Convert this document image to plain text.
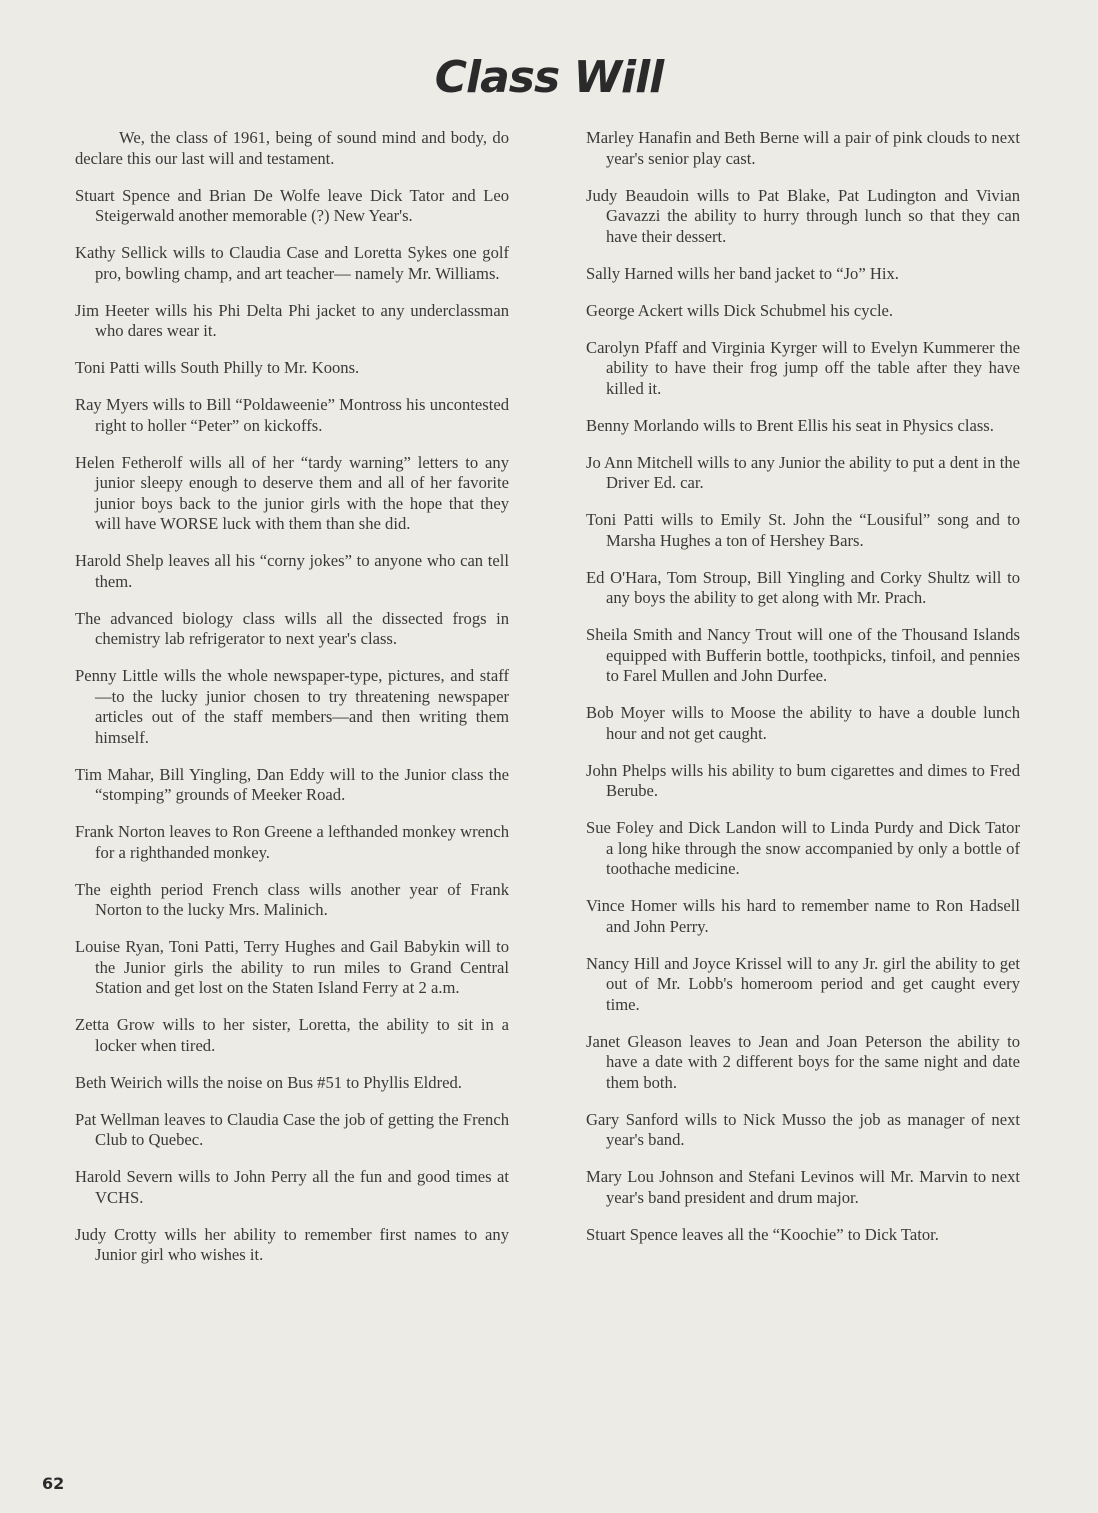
Class Will

We, the class of 1961, being of sound mind and body, do declare this our last will and testament.

Stuart Spence and Brian De Wolfe leave Dick Tator and Leo Steigerwald another memorable (?) New Year's.

Kathy Sellick wills to Claudia Case and Loretta Sykes one golf pro, bowling champ, and art teacher— namely Mr. Williams.

Jim Heeter wills his Phi Delta Phi jacket to any underclassman who dares wear it.

Toni Patti wills South Philly to Mr. Koons.

Ray Myers wills to Bill “Poldaweenie” Montross his uncontested right to holler “Peter” on kickoffs.

Helen Fetherolf wills all of her “tardy warning” letters to any junior sleepy enough to deserve them and all of her favorite junior boys back to the junior girls with the hope that they will have WORSE luck with them than she did.

Harold Shelp leaves all his “corny jokes” to anyone who can tell them.

The advanced biology class wills all the dissected frogs in chemistry lab refrigerator to next year's class.

Penny Little wills the whole newspaper-type, pictures, and staff—to the lucky junior chosen to try threatening newspaper articles out of the staff members—and then writing them himself.

Tim Mahar, Bill Yingling, Dan Eddy will to the Junior class the “stomping” grounds of Meeker Road.

Frank Norton leaves to Ron Greene a lefthanded monkey wrench for a righthanded monkey.

The eighth period French class wills another year of Frank Norton to the lucky Mrs. Malinich.

Louise Ryan, Toni Patti, Terry Hughes and Gail Babykin will to the Junior girls the ability to run miles to Grand Central Station and get lost on the Staten Island Ferry at 2 a.m.

Zetta Grow wills to her sister, Loretta, the ability to sit in a locker when tired.

Beth Weirich wills the noise on Bus #51 to Phyllis Eldred.

Pat Wellman leaves to Claudia Case the job of getting the French Club to Quebec.

Harold Severn wills to John Perry all the fun and good times at VCHS.

Judy Crotty wills her ability to remember first names to any Junior girl who wishes it.

Marley Hanafin and Beth Berne will a pair of pink clouds to next year's senior play cast.

Judy Beaudoin wills to Pat Blake, Pat Ludington and Vivian Gavazzi the ability to hurry through lunch so that they can have their dessert.

Sally Harned wills her band jacket to “Jo” Hix.

George Ackert wills Dick Schubmel his cycle.

Carolyn Pfaff and Virginia Kyrger will to Evelyn Kummerer the ability to have their frog jump off the table after they have killed it.

Benny Morlando wills to Brent Ellis his seat in Physics class.

Jo Ann Mitchell wills to any Junior the ability to put a dent in the Driver Ed. car.

Toni Patti wills to Emily St. John the “Lousiful” song and to Marsha Hughes a ton of Hershey Bars.

Ed O'Hara, Tom Stroup, Bill Yingling and Corky Shultz will to any boys the ability to get along with Mr. Prach.

Sheila Smith and Nancy Trout will one of the Thousand Islands equipped with Bufferin bottle, toothpicks, tinfoil, and pennies to Farel Mullen and John Durfee.

Bob Moyer wills to Moose the ability to have a double lunch hour and not get caught.

John Phelps wills his ability to bum cigarettes and dimes to Fred Berube.

Sue Foley and Dick Landon will to Linda Purdy and Dick Tator a long hike through the snow accompanied by only a bottle of toothache medicine.

Vince Homer wills his hard to remember name to Ron Hadsell and John Perry.

Nancy Hill and Joyce Krissel will to any Jr. girl the ability to get out of Mr. Lobb's homeroom period and get caught every time.

Janet Gleason leaves to Jean and Joan Peterson the ability to have a date with 2 different boys for the same night and date them both.

Gary Sanford wills to Nick Musso the job as manager of next year's band.

Mary Lou Johnson and Stefani Levinos will Mr. Marvin to next year's band president and drum major.

Stuart Spence leaves all the “Koochie” to Dick Tator.

62
